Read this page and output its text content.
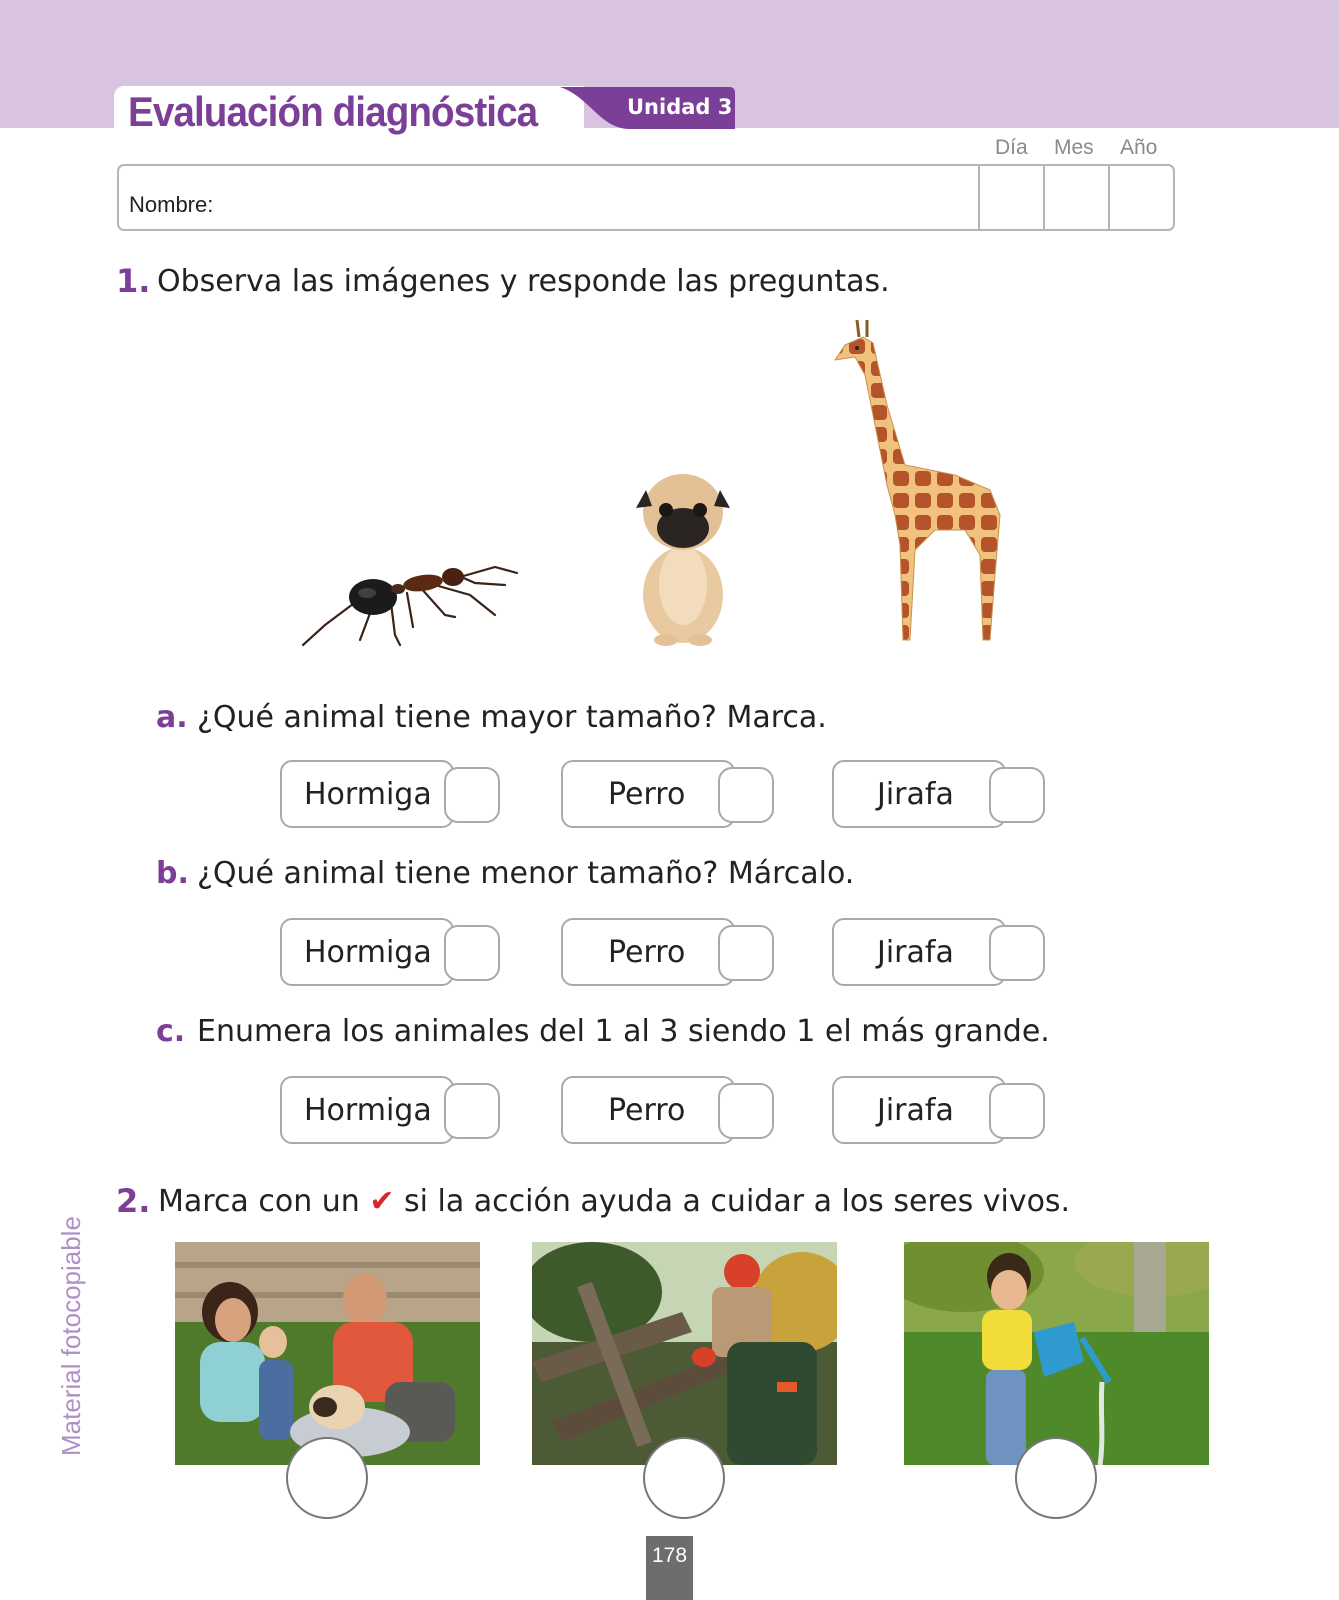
Evaluación diagnóstica	Unidad 3
Día Mes Año
Nombre:
1. Observa las imágenes y responde las preguntas.
a. ¿Qué animal tiene mayor tamaño? Marca.
Hormiga	Perro	Jirafa
b. ¿Qué animal tiene menor tamaño? Márcalo.
Hormiga	Perro	Jirafa
c. Enumera los animales del 1 al 3 siendo 1 el más grande.
Hormiga	Perro	Jirafa
2. Marca con un ✔ si la acción ayuda a cuidar a los seres vivos.
Material fotocopiable
178
